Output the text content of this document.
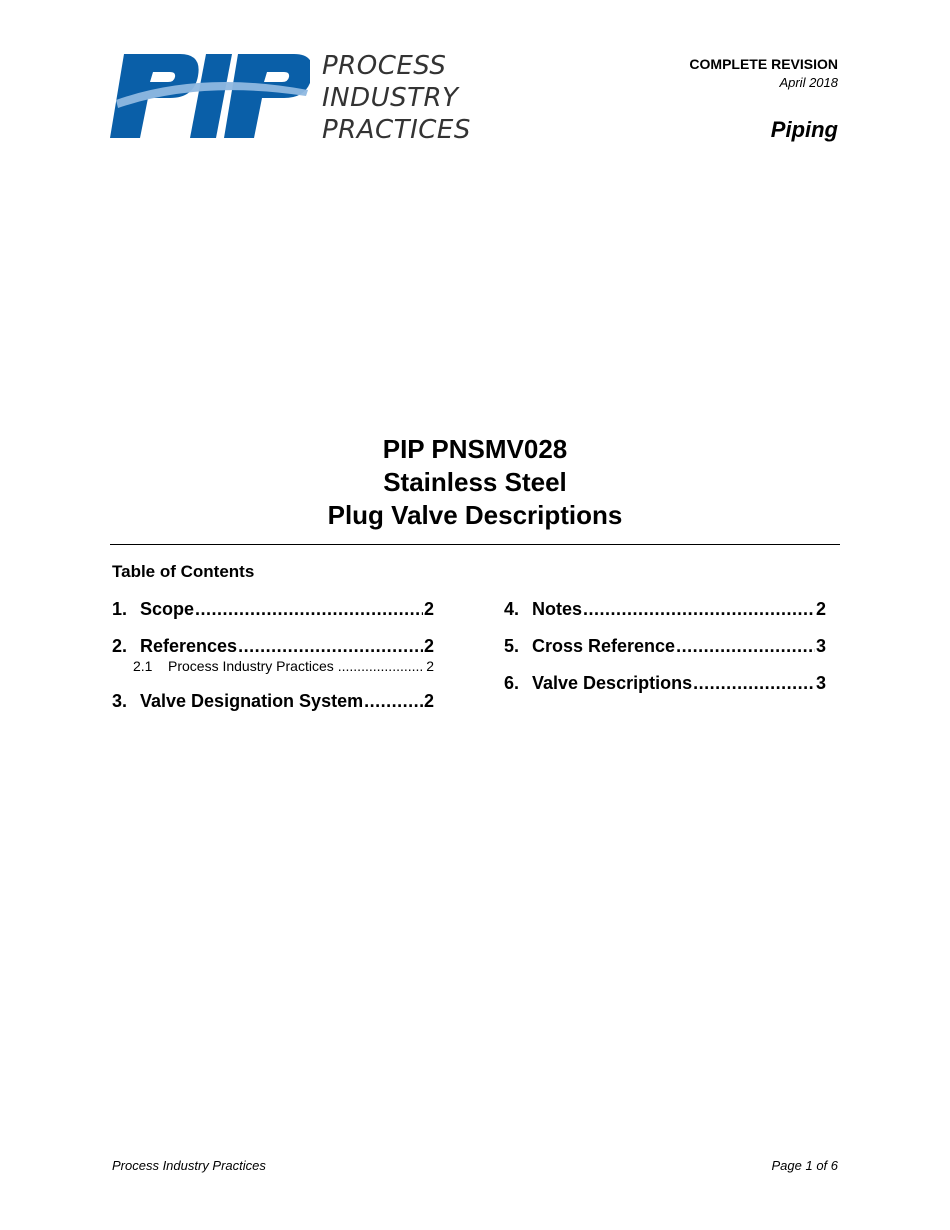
PROCESS
INDUSTRY
PRACTICES
COMPLETE REVISION
April 2018
Piping
PIP PNSMV028
Stainless Steel
Plug Valve Descriptions
Table of Contents
1. Scope .....	2
2. References .....	2
2.1	Process Industry Practices .....	2
3. Valve Designation System .....	2
4. Notes .....	2
5. Cross Reference .....	3
6. Valve Descriptions .....	3
Process Industry Practices	Page 1 of 6
